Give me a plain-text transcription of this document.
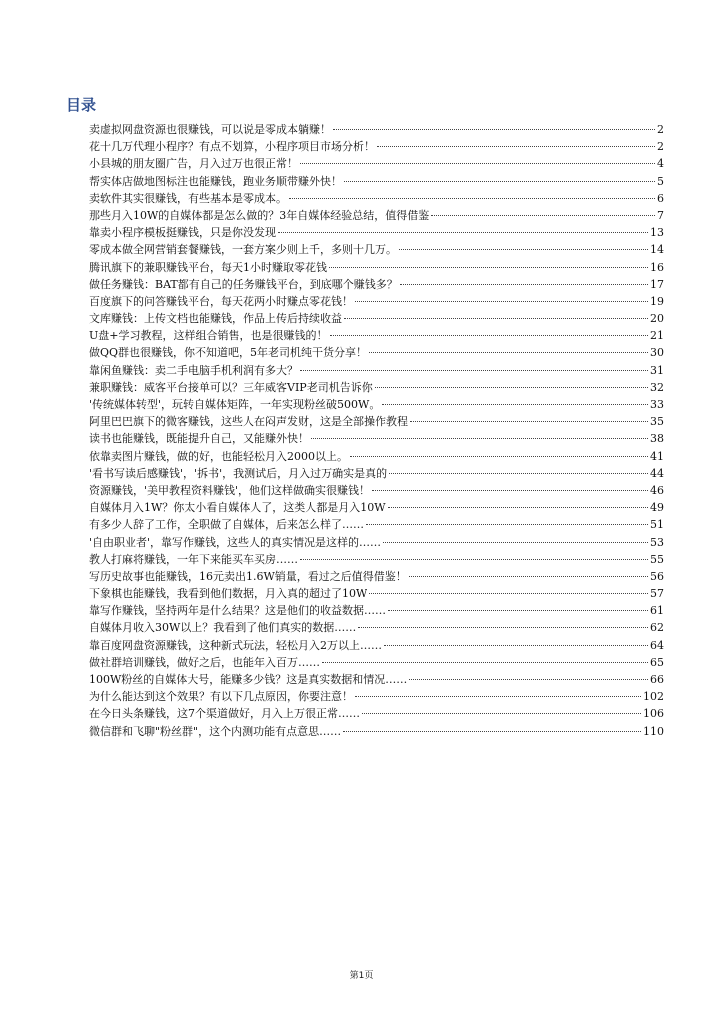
目录
卖虚拟网盘资源也很赚钱，可以说是零成本躺赚！	2
花十几万代理小程序？有点不划算，小程序项目市场分析！	2
小县城的朋友圈广告，月入过万也很正常！	4
帮实体店做地图标注也能赚钱，跑业务顺带赚外快！	5
卖软件其实很赚钱，有些基本是零成本。	6
那些月入10W的自媒体都是怎么做的？3年自媒体经验总结，值得借鉴	7
靠卖小程序模板挺赚钱，只是你没发现	13
零成本做全网营销套餐赚钱，一套方案少则上千，多则十几万。	14
腾讯旗下的兼职赚钱平台，每天1小时赚取零花钱	16
做任务赚钱：BAT都有自己的任务赚钱平台，到底哪个赚钱多？	17
百度旗下的问答赚钱平台，每天花两小时赚点零花钱！	19
文库赚钱：上传文档也能赚钱，作品上传后持续收益	20
U盘+学习教程，这样组合销售，也是很赚钱的！	21
做QQ群也很赚钱，你不知道吧，5年老司机纯干货分享！	30
靠闲鱼赚钱：卖二手电脑手机利润有多大？	31
兼职赚钱：威客平台接单可以？三年威客VIP老司机告诉你	32
'传统媒体转型'，玩转自媒体矩阵，一年实现粉丝破500W。	33
阿里巴巴旗下的微客赚钱，这些人在闷声发财，这是全部操作教程	35
读书也能赚钱，既能提升自己，又能赚外快！	38
依靠卖图片赚钱，做的好，也能轻松月入2000以上。	41
'看书写读后感赚钱'，'拆书'，我测试后，月入过万确实是真的	44
资源赚钱，'美甲教程资料赚钱'，他们这样做确实很赚钱！	46
自媒体月入1W？你太小看自媒体人了，这类人都是月入10W	49
有多少人辞了工作，全职做了自媒体，后来怎么样了……	51
'自由职业者'，靠写作赚钱，这些人的真实情况是这样的……	53
教人打麻将赚钱，一年下来能买车买房……	55
写历史故事也能赚钱，16元卖出1.6W销量，看过之后值得借鉴！	56
下象棋也能赚钱，我看到他们数据，月入真的超过了10W	57
靠写作赚钱，坚持两年是什么结果？这是他们的收益数据……	61
自媒体月收入30W以上？我看到了他们真实的数据……	62
靠百度网盘资源赚钱，这种新式玩法，轻松月入2万以上……	64
做社群培训赚钱，做好之后，也能年入百万……	65
100W粉丝的自媒体大号，能赚多少钱？这是真实数据和情况……	66
为什么能达到这个效果？有以下几点原因，你要注意！	102
在今日头条赚钱，这7个渠道做好，月入上万很正常……	106
微信群和飞聊"粉丝群"，这个内测功能有点意思……	110
第1页
